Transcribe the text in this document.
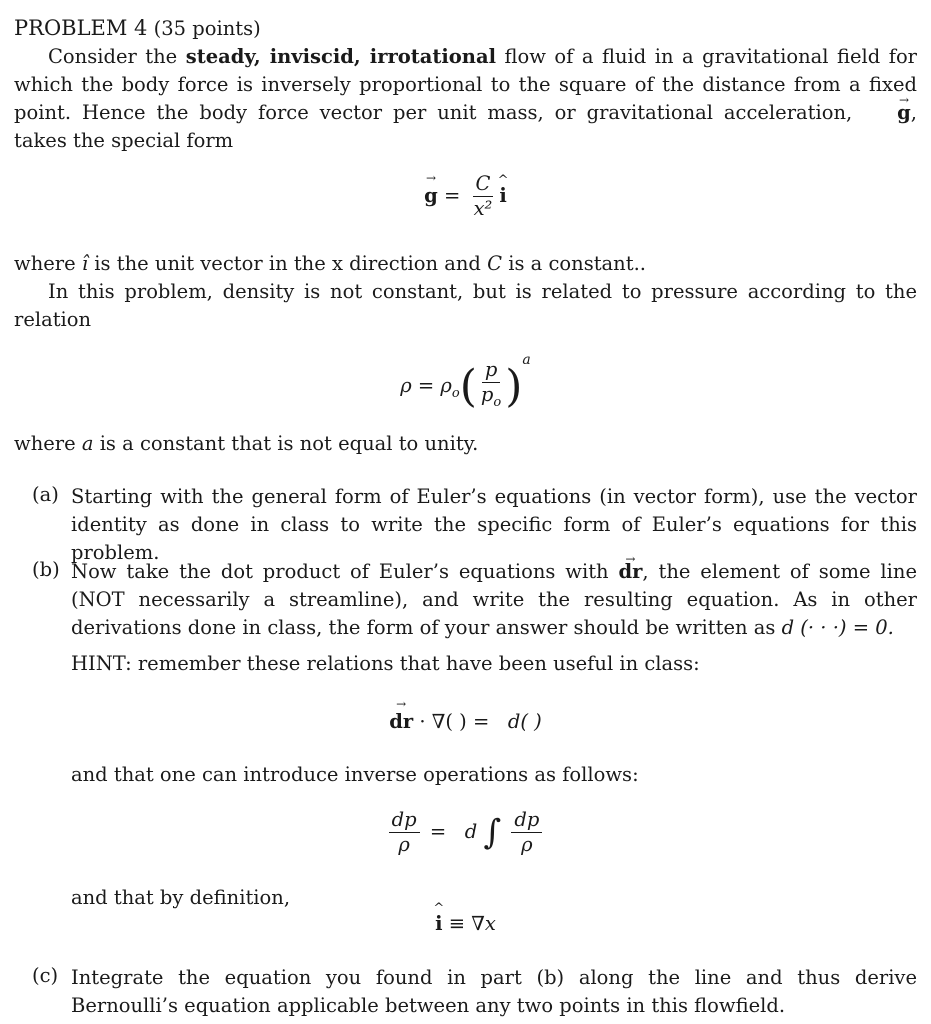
PROBLEM 4 (35 points)

Consider the steady, inviscid, irrotational flow of a fluid in a gravitational field for which the body force is inversely proportional to the square of the distance from a fixed point. Hence the body force vector per unit mass, or gravitational acceleration, → g, takes the special form

→ $g = \frac{C}{\text{x²}}$
^ i

where î is the unit vector in the x direction and C is a constant..

In this problem, density is not constant, but is related to pressure according to the relation

$\rho = \rho_o( \frac{p}{p_o} )^a$

where a is a constant that is not equal to unity.

(a) Starting with the general form of Euler’s equations (in vector form), use the vector identity as done in class to write the specific form of Euler’s equations for this problem.
(b) Now take the dot product of Euler’s equations with → dr, the element of some line (NOT necessarily a streamline), and write the resulting equation. As in other derivations done in class, the form of your answer should be written as d (· · ·) = 0.
HINT: remember these relations that have been useful in class:
→ dr · ∇( ) =   d( )
and that one can introduce inverse operations as follows:
$\frac{dp}{\rho} = d$ ∫ $\frac{dp}{\rho}$
and that by definition,
^ i ≡ ∇x
(c) Integrate the equation you found in part (b) along the line and thus derive Bernoulli’s equation applicable between any two points in this flowfield.
